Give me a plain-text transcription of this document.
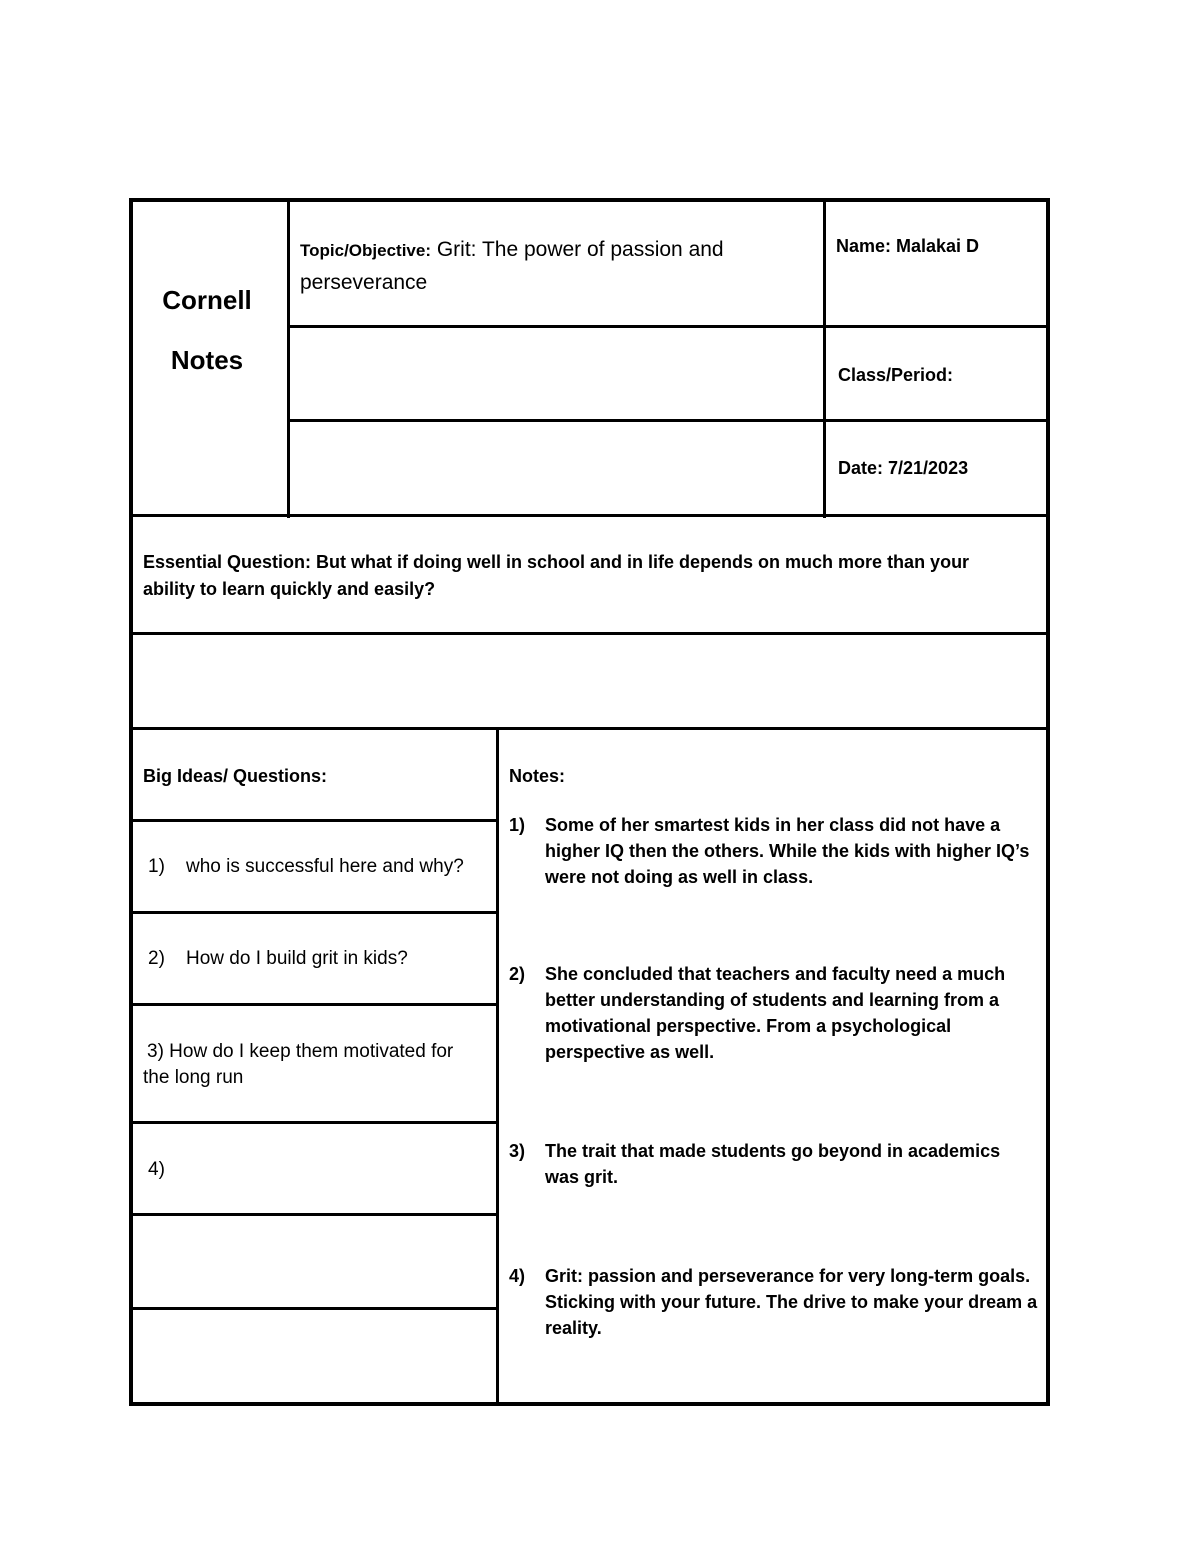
Cornell
Notes
Topic/Objective: Grit: The power of passion and perseverance
Name: Malakai D
Class/Period:
Date: 7/21/2023
Essential Question: But what if doing well in school and in life depends on much more than your ability to learn quickly and easily?
Big Ideas/ Questions:
1)    who is successful here and why?
2)    How do I build grit in kids?
3) How do I keep them motivated for the long run
4)
Notes:
1) Some of her smartest kids in her class did not have a higher IQ then the others. While the kids with higher IQ’s were not doing as well in class.
2) She concluded that teachers and faculty need a much better understanding of students and learning from a motivational perspective. From a psychological perspective as well.
3) The trait that made students go beyond in academics was grit.
4) Grit: passion and perseverance for very long-term goals. Sticking with your future. The drive to make your dream a reality.
